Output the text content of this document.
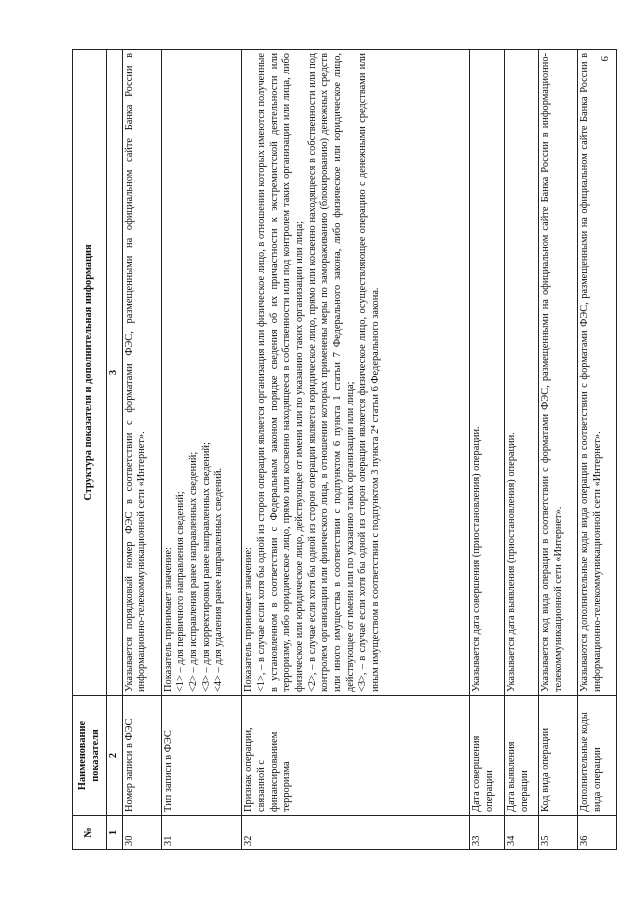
9
№	Наименование показателя	Структура показателя и дополнительная информация
1	2	3
30	Номер записи в ФЭС	Указывается порядковый номер ФЭС в соответствии с форматами ФЭС, размещенными на официальном сайте Банка России в информационно-телекоммуникационной сети «Интернет».

31	Тип записи в ФЭС	Показатель принимает значение: <1> – для первичного направления сведений; <2> – для исправления ранее направленных сведений; <3> – для корректировки ранее направленных сведений; <4> – для удаления ранее направленных сведений.

32	Признак операции, связанной с финансированием терроризма	Показатель принимает значение: <1>, – в случае если хотя бы одной из сторон операции является организация или физическое лицо, в отношении которых имеются полученные в установленном в соответствии с Федеральным законом порядке сведения об их причастности к экстремистской деятельности или терроризму, либо юридическое лицо, прямо или косвенно находящееся в собственности или под контролем таких организации или лица, либо физическое или юридическое лицо, действующее от имени или по указанию таких организации или лица; <2>, – в случае если хотя бы одной из сторон операции является юридическое лицо, прямо или косвенно находящееся в собственности или под контролем организации или физического лица, в отношении которых применены меры по замораживанию (блокированию) денежных средств или иного имущества в соответствии с подпунктом 6 пункта 1 статьи 7 Федерального закона, либо физическое или юридическое лицо, действующее от имени или по указанию таких организации или лица; <3>, – в случае если хотя бы одной из сторон операции является физическое лицо, осуществляющее операцию с денежными средствами или иным имуществом в соответствии с подпунктом 3 пункта 2⁴ статьи 6 Федерального закона.

33	Дата совершения операции	Указывается дата совершения (приостановления) операции.

34	Дата выявления операции	Указывается дата выявления (приостановления) операции.

35	Код вида операции	Указывается код вида операции в соответствии с форматами ФЭС, размещенными на официальном сайте Банка России в информационно-телекоммуникационной сети «Интернет».

36	Дополнительные коды вида операции	Указываются дополнительные коды вида операции в соответствии с форматами ФЭС, размещенными на официальном сайте Банка России в информационно-телекоммуникационной сети «Интернет».
